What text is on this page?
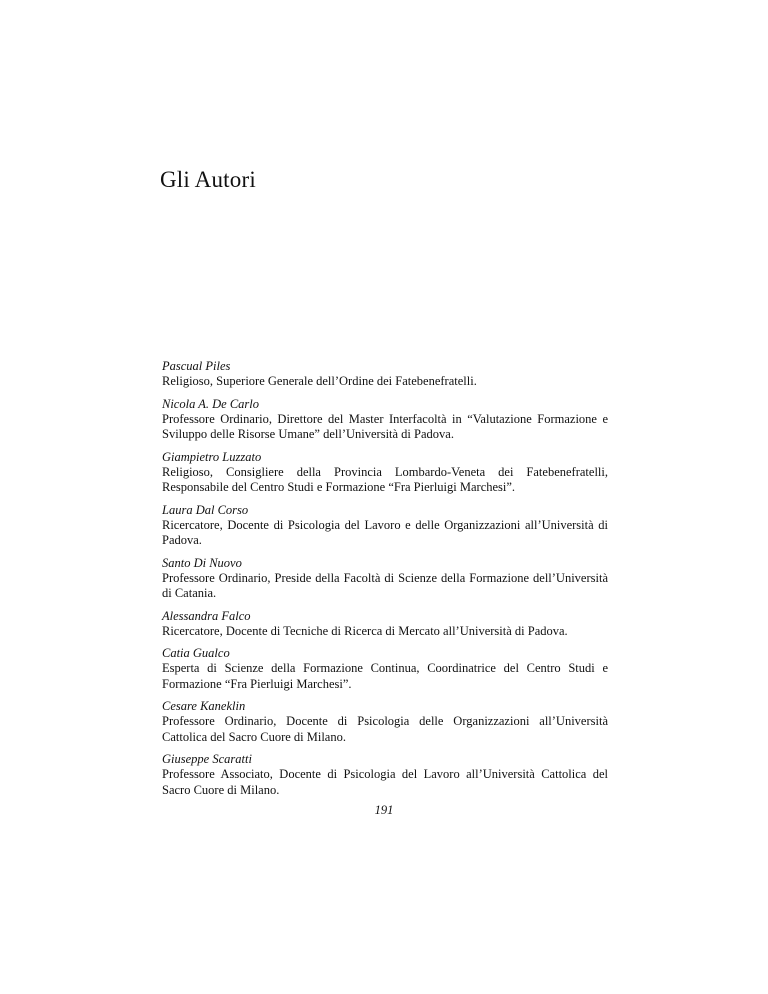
Gli Autori
Pascual Piles
Religioso, Superiore Generale dell’Ordine dei Fatebenefratelli.
Nicola A. De Carlo
Professore Ordinario, Direttore del Master Interfacoltà in “Valutazione Formazione e Sviluppo delle Risorse Umane” dell’Università di Padova.
Giampietro Luzzato
Religioso, Consigliere della Provincia Lombardo-Veneta dei Fatebenefratelli, Responsabile del Centro Studi e Formazione “Fra Pierluigi Marchesi”.
Laura Dal Corso
Ricercatore, Docente di Psicologia del Lavoro e delle Organizzazioni all’Università di Padova.
Santo Di Nuovo
Professore Ordinario, Preside della Facoltà di Scienze della Formazione dell’Università di Catania.
Alessandra Falco
Ricercatore, Docente di Tecniche di Ricerca di Mercato all’Università di Padova.
Catia Gualco
Esperta di Scienze della Formazione Continua, Coordinatrice del Centro Studi e Formazione “Fra Pierluigi Marchesi”.
Cesare Kaneklin
Professore Ordinario, Docente di Psicologia delle Organizzazioni all’Università Cattolica del Sacro Cuore di Milano.
Giuseppe Scaratti
Professore Associato, Docente di Psicologia del Lavoro all’Università Cattolica del Sacro Cuore di Milano.
191
